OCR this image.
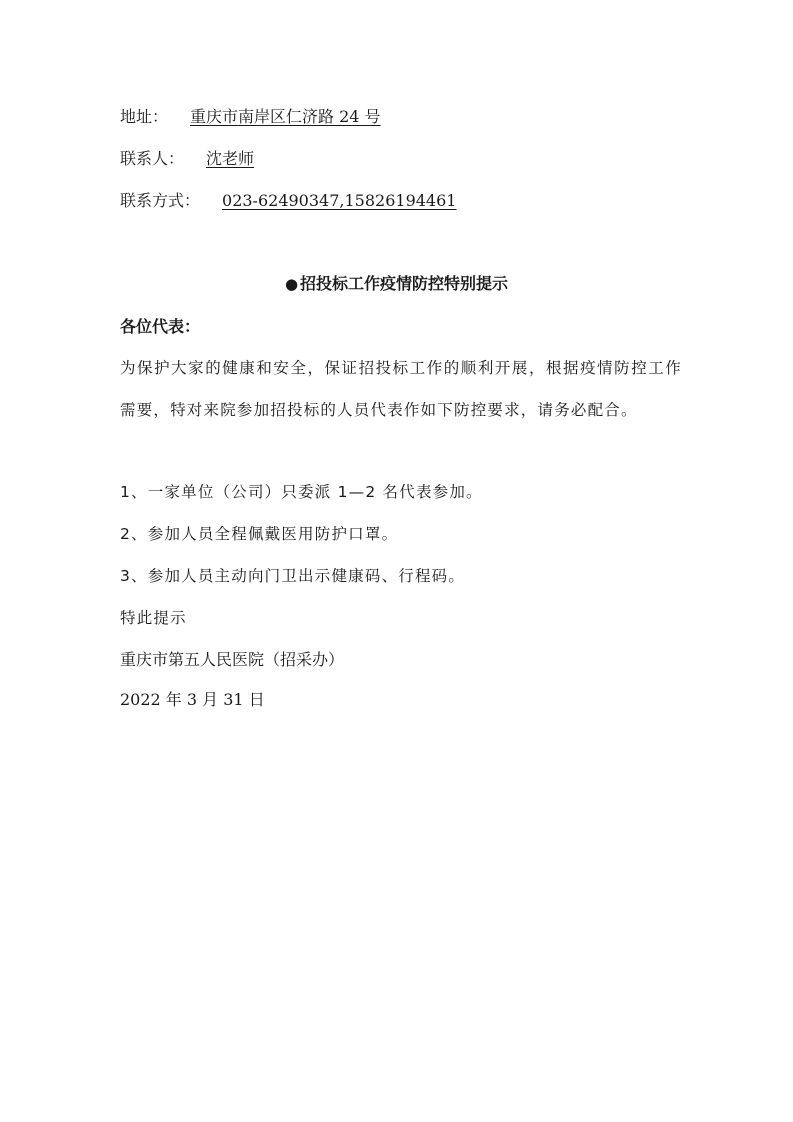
地址： 重庆市南岸区仁济路 24 号
联系人： 沈老师
联系方式： 023-62490347,15826194461
● 招投标工作疫情防控特别提示
各位代表：
为保护大家的健康和安全，保证招投标工作的顺利开展，根据疫情防控工作需要，特对来院参加招投标的人员代表作如下防控要求，请务必配合。
1、一家单位（公司）只委派 1—2 名代表参加。
2、参加人员全程佩戴医用防护口罩。
3、参加人员主动向门卫出示健康码、行程码。
特此提示
重庆市第五人民医院（招采办）
2022 年 3 月 31 日
